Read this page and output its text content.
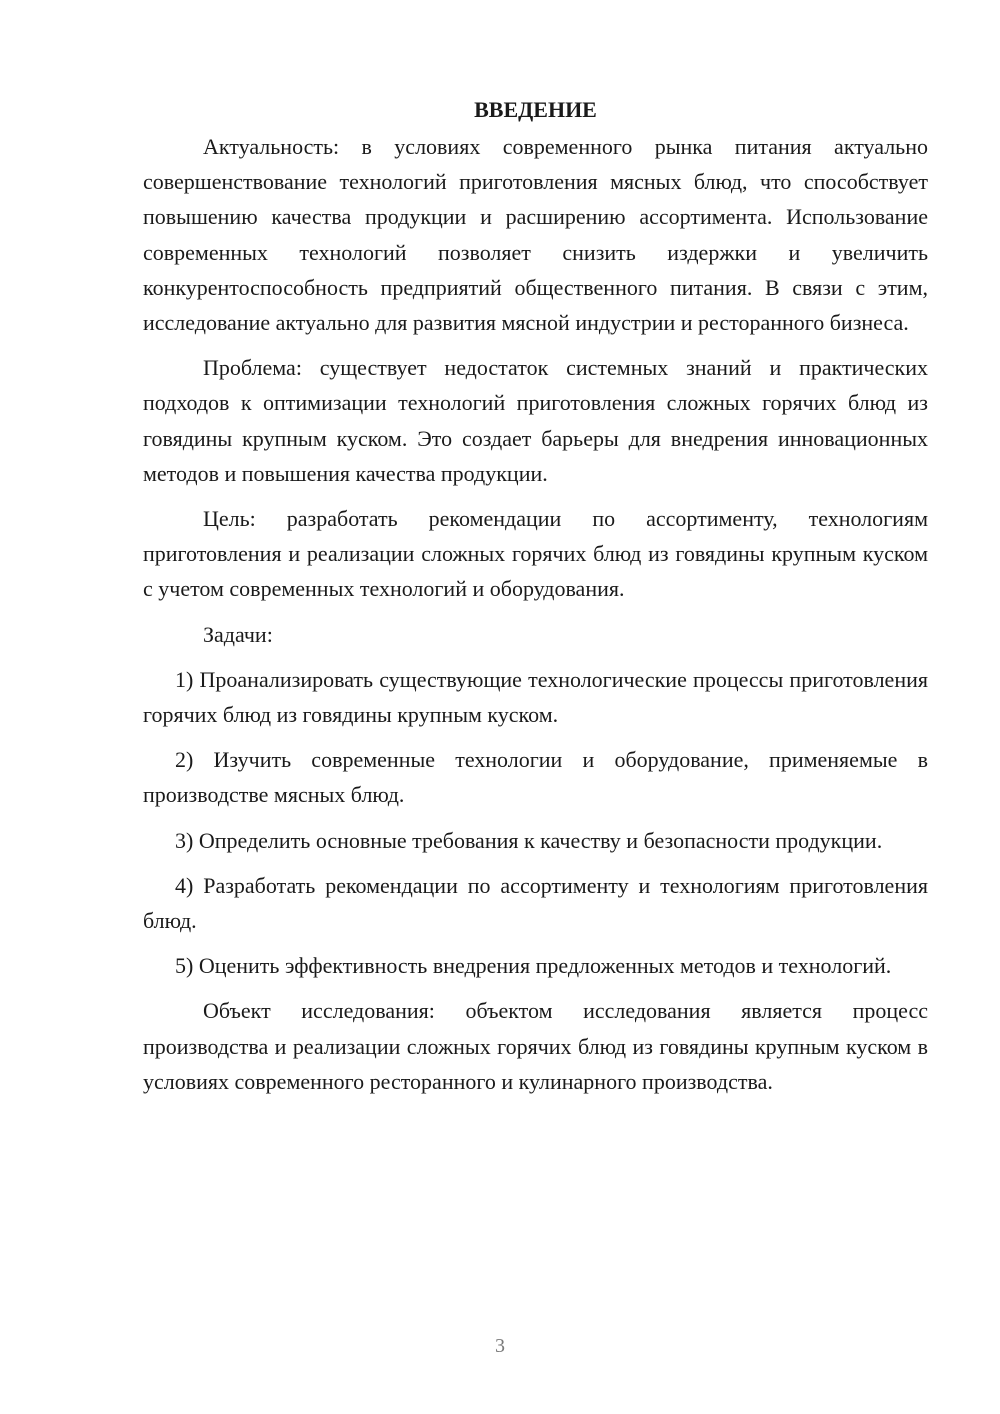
ВВЕДЕНИЕ

Актуальность: в условиях современного рынка питания актуально совершенствование технологий приготовления мясных блюд, что способствует повышению качества продукции и расширению ассортимента. Использование современных технологий позволяет снизить издержки и увеличить конкурентоспособность предприятий общественного питания. В связи с этим, исследование актуально для развития мясной индустрии и ресторанного бизнеса.

Проблема: существует недостаток системных знаний и практических подходов к оптимизации технологий приготовления сложных горячих блюд из говядины крупным куском. Это создает барьеры для внедрения инновационных методов и повышения качества продукции.

Цель: разработать рекомендации по ассортименту, технологиям приготовления и реализации сложных горячих блюд из говядины крупным куском с учетом современных технологий и оборудования.

Задачи:

1) Проанализировать существующие технологические процессы приготовления горячих блюд из говядины крупным куском.

2) Изучить современные технологии и оборудование, применяемые в производстве мясных блюд.

3) Определить основные требования к качеству и безопасности продукции.

4) Разработать рекомендации по ассортименту и технологиям приготовления блюд.

5) Оценить эффективность внедрения предложенных методов и технологий.

Объект исследования: объектом исследования является процесс производства и реализации сложных горячих блюд из говядины крупным куском в условиях современного ресторанного и кулинарного производства.

3
